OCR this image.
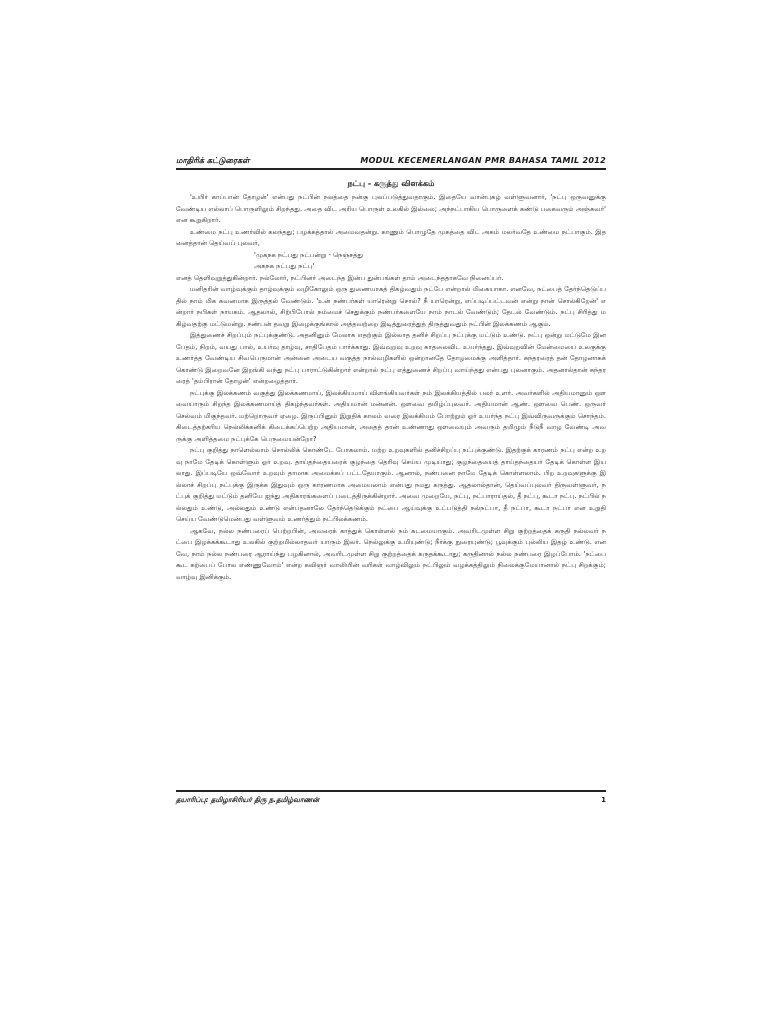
மாதிரிக் கட்டுரைகள்	MODUL KECEMERLANGAN PMR BAHASA TAMIL 2012
நட்பு - கருத்து விளக்கம்

'உயிர் காப்பான் தோழன்' என்பது நட்பின் நலத்தை நன்கு புலப்படுத்துவதாகும். இதையே வான்புகழ் வள்ளுவனார், 'நட்பு ஒருவனுக்கு வேண்டிய எல்லாப் பொருளிலும் சிறந்தது. அதை விட அரிய பொருள் உலகில் இல்லை; அந்நட்பாகிய பொருளைக் கண்டு பகைவரும் அஞ்சுவர்' என கூறுகிறார்.

உண்மை நட்பு உணர்வில் கலந்தது; பழக்கத்தால் அமைவதன்று. காணும் பொழுதே முகத்தை விட அகம் மலர்வதே உண்மை நட்பாகும். இதனைத்தான் தெய்வப் புலவர்,

'முகநக நட்பது நட்பன்று - நெஞ்சத்து

அகநக நட்பது நட்பு'

எனத் தெளிவுறுத்துகின்றார். நல்லோர், நட்பினர் அடைந்த இன்ப துன்பங்கள் தாம் அடைந்ததாகவே நினைப்பர்.

மனிதரின் வாழ்வுக்கும் தாழ்வுக்கும் வழிகோலும் ஒரு துணையாகத் திகழ்வதும் நட்பே என்றால் மிகையாகா. எனவே, நட்பைத் தேர்ந்தெடுப்பதில் நாம் மிக கவனமாக இருத்தல் வேண்டும். 'உன் நண்பர்கள் யாரென்று சொல்? நீ யாரென்று, எப்படிப்பட்டவன் என்று நான் சொல்கிறேன்' என்றார் நபிகள் நாயகம். ஆதலால், சிற்பிபோல் நம்மைச் செதுக்கும் நண்பர்களையே நாம் நாடல் வேண்டும்; தேடல் வேண்டும். நட்பு சிரித்து மகிழ்வதற்கு மட்டுமன்று. நண்பன் தவறு இழைக்குங்கால் அத்தவற்றை இடித்துரைத்துத் திருத்துவதும் நட்பின் இலக்கணம் ஆகும்.

இத்துணைச் சிறப்பும் நட்புக்குண்டு. அதனினும் மேலாக எதற்கும் இல்லாத தனிச் சிறப்பு நட்புக்கு மட்டும் உண்டு. நட்பு ஒன்று மட்டுமே இனபேதம், நிறம், வயது பால், உயர்வு தாழ்வு, சாதிபேதம் பார்க்காது. இவ்வுறவு உறவு காதலைவிட உயர்ந்தது. இவ்வுறவின் மேன்மையை உலகுக்கு உணர்த்த வேண்டிய சிவபெருமான் அன்னை அடைய வகுத்த நால்வழிகளில் ஒன்றானதே தோழமைக்கு அளித்தார். சுந்தரரைத் தன் தோழனாகக் கொண்டு இறைவனே இறங்கி வந்து நட்பு பாராட்டுகின்றார் என்றால் நட்பு எத்துணைச் சிறப்பு வாய்ந்தது என்பது புலனாகும். அதனால்தான் சுந்தரரைத் 'தம்பிரான் தோழன்' என்றழைத்தார்.

நட்புக்கு இலக்கணம் வகுத்து இலக்கணமாய், இலக்கியமாய் விளங்கியவர்கள் நம் இலக்கியத்தில் பலர் உளர். அவர்களில் அதியமானும் ஔவையாரும் சிறந்த இலக்கணமாய்த் திகழ்ந்தவர்கள். அதியமான் மன்னன். ஔவை தமிழ்ப்புலவர். அதியமான் ஆண். ஔவை பெண். ஒருவர் செல்வம் மிகுந்தவர். மற்றொருவர் ஏழை. இருப்பினும் இறுதிக் காலம் வரை இலக்கியம் போற்றும் ஓர் உயர்ந்த நட்பு இவ்விருவருக்கும் சொந்தம். கிடைத்தற்கரிய நெல்லிக்கனிக் கிடைக்கப்பெற்ற அதியமான், அதைத் தான் உண்ணாது ஔவையும் அவரும் தமிழும் நீடுநீ வாழ வேண்டி அவருக்கு அளித்தமை நட்புக்கே பெருமையன்றோ?

நட்பு குறித்து நாளெல்லாம் சொல்லிக் கொண்டே போகலாம். மற்ற உறவுகளில் தனிச்சிறப்பு நட்புக்குண்டு. இதற்குக் காரணம் நட்பு என்ற உறவு நாமே தேடிக் கொள்ளும் ஓர் உறவு. தாய்தந்தையரைக் குழந்தை தெரிவு செய்ய முடியாது; குழந்தையைத் தாய்தந்தையர் தேடிக் கொள்ள இயலாது. இப்படியே ஒவ்வோர் உறவும் தாமாக அமைக்கப் பட்டதேயாகும். ஆனால், நண்பனை நாமே தேடிக் கொள்ளலாம். பிற உறவுகளுக்கு இல்லாச் சிறப்பு நட்புக்கு இருக்க இதுவும் ஒரு காரணமாக அமையலாம் என்பது நமது கருத்து. ஆதலால்தான், தெய்வப்புலவர் திருவள்ளுவர், நட்புக் குறித்து மட்டும் தனியே ஐந்து அதிகாரங்களைப் படைத்திருக்கின்றார். அவை முறையே, நட்பு, நட்பாராய்தல், தீ நட்பு, கூடா நட்பு. நட்பில் நல்லதும் உண்டு, அல்லதும் உண்டு என்பதனாலே தேர்ந்தெடுக்கும் நட்பை ஆய்வுக்கு உட்படுத்தி நல்நட்பா, தீ நட்பா, கூடா நட்பா என உறுதி செய்ய வேண்டுமென்பது வள்ளுவம் உணர்த்தும் நட்பிலக்கணம்.

ஆகவே, நல்ல நண்பரைப் பெற்றபின், அவரைக் காத்துக் கொள்ளல் நம் கடமையாகும். அவரிடமுள்ள சிறு குற்றத்தைக் கருதி நல்லவர் நட்பை இழக்கக்கூடாது உலகில் குற்றமில்லாதவர் யாரும் இலர். நெல்லுக்கு உமியுண்டு; நீர்க்கு நுரையுண்டு; பூவுக்கும் புல்லிய இதழ் உண்டு. எனவே, நாம் நல்ல நண்பரை ஆராய்ந்து பழகினால், அவரிடமுள்ள சிறு குற்றத்தைக் கருதக்கூடாது; கருதினால் நல்ல நண்பரை இழப்போம். 'நட்பை கூட கற்பைப் போல எண்ணுவோம்' என்ற கவிஞர் வாலியின் வரிகள் வாழ்விலும் நட்பிலும் வழக்கத்திலும் நிலைக்குமேயானால் நட்பு சிறக்கும்; வாழ்வு இனிக்கும்.

தயாரிப்பு: தமிழாசிரியர் திரு ந.தமிழ்வாணன்	1
